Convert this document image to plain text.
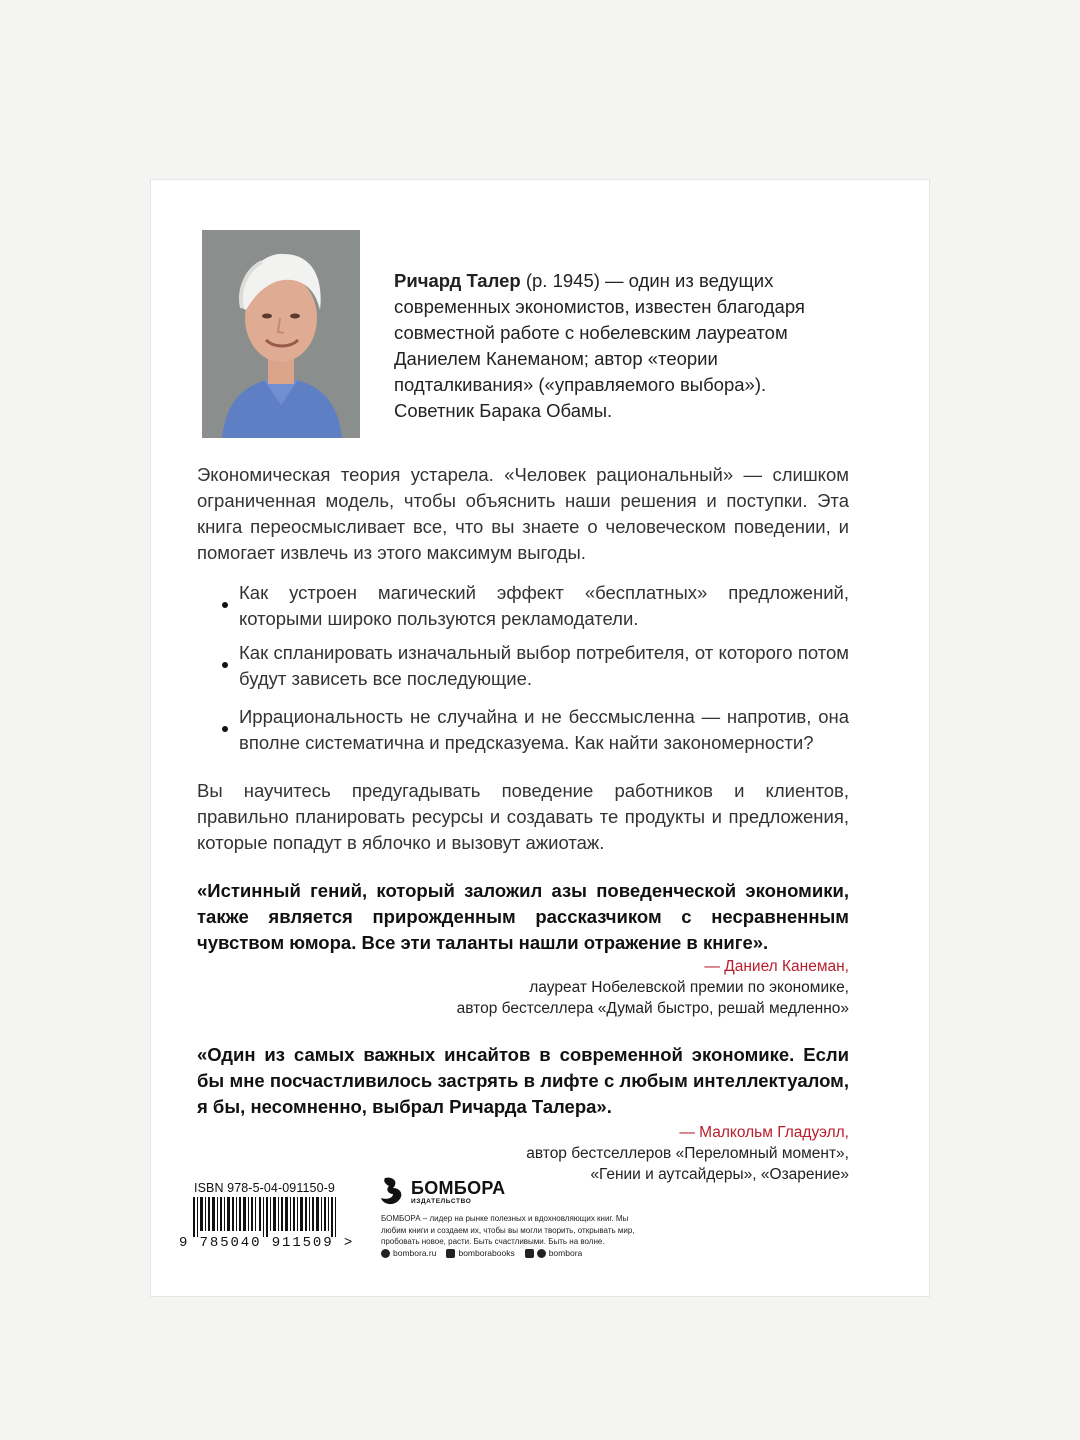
Ричард Талер (р. 1945) — один из ведущих современных экономистов, известен благодаря совместной работе с нобелевским лауреатом Даниелем Канеманом; автор «теории подталкивания» («управляемого выбора»). Советник Барака Обамы.
Экономическая теория устарела. «Человек рациональный» — слишком ограниченная модель, чтобы объяснить наши решения и поступки. Эта книга переосмысливает все, что вы знаете о человеческом поведении, и помогает извлечь из этого максимум выгоды.
Как устроен магический эффект «бесплатных» предложений, которыми широко пользуются рекламодатели.
Как спланировать изначальный выбор потребителя, от которого потом будут зависеть все последующие.
Иррациональность не случайна и не бессмысленна — напротив, она вполне систематична и предсказуема. Как найти закономерности?
Вы научитесь предугадывать поведение работников и клиентов, правильно планировать ресурсы и создавать те продукты и предложения, которые попадут в яблочко и вызовут ажиотаж.
«Истинный гений, который заложил азы поведенческой экономики, также является прирожденным рассказчиком с несравненным чувством юмора. Все эти таланты нашли отражение в книге».
— Даниел Канеман,
лауреат Нобелевской премии по экономике,
автор бестселлера «Думай быстро, решай медленно»
«Один из самых важных инсайтов в современной экономике. Если бы мне посчастливилось застрять в лифте с любым интеллектуалом, я бы, несомненно, выбрал Ричарда Талера».
— Малкольм Гладуэлл,
автор бестселлеров «Переломный момент»,
«Гении и аутсайдеры», «Озарение»
ISBN 978-5-04-091150-9
9 785040 911509 >
БОМБОРА
ИЗДАТЕЛЬСТВО
БОМБОРА – лидер на рынке полезных и вдохновляющих книг. Мы любим книги и создаем их, чтобы вы могли творить, открывать мир, пробовать новое, расти. Быть счастливыми. Быть на волне.
bombora.ru	bomborabooks	bombora
